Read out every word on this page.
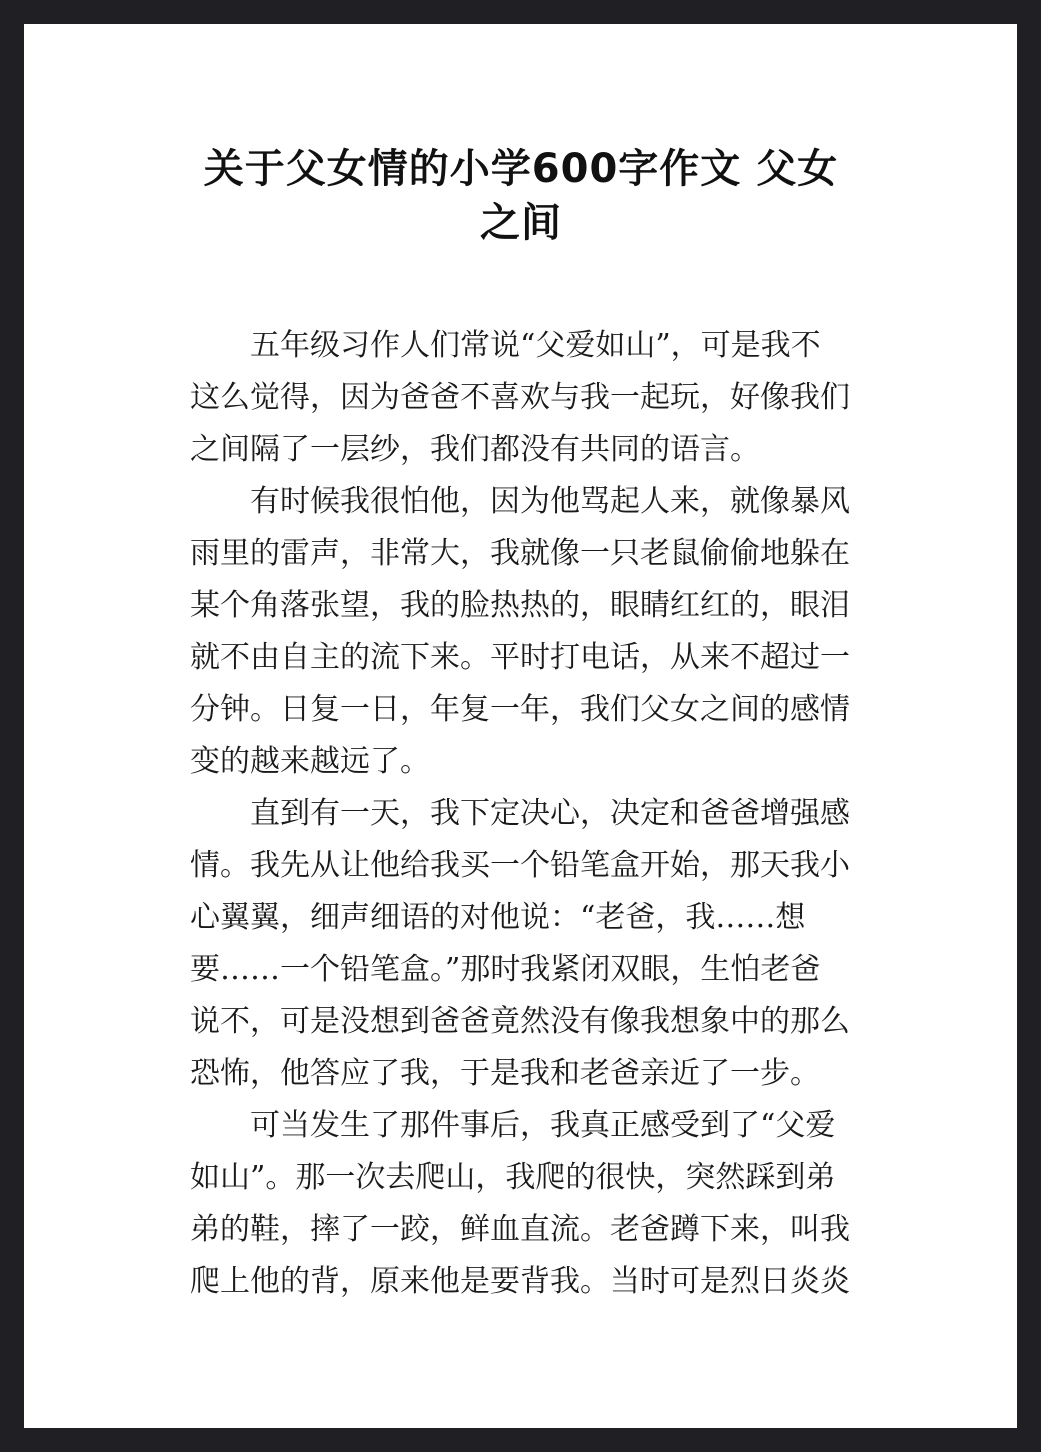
关于父女情的小学600字作文 父女之间
五年级习作人们常说“父爱如山”，可是我不
这么觉得，因为爸爸不喜欢与我一起玩，好像我们
之间隔了一层纱，我们都没有共同的语言。
有时候我很怕他，因为他骂起人来，就像暴风
雨里的雷声，非常大，我就像一只老鼠偷偷地躲在
某个角落张望，我的脸热热的，眼睛红红的，眼泪
就不由自主的流下来。平时打电话，从来不超过一
分钟。日复一日，年复一年，我们父女之间的感情
变的越来越远了。
直到有一天，我下定决心，决定和爸爸增强感
情。我先从让他给我买一个铅笔盒开始，那天我小
心翼翼，细声细语的对他说：“老爸，我……想
要……一个铅笔盒。”那时我紧闭双眼，生怕老爸
说不，可是没想到爸爸竟然没有像我想象中的那么
恐怖，他答应了我，于是我和老爸亲近了一步。
可当发生了那件事后，我真正感受到了“父爱
如山”。那一次去爬山，我爬的很快，突然踩到弟
弟的鞋，摔了一跤，鲜血直流。老爸蹲下来，叫我
爬上他的背，原来他是要背我。当时可是烈日炎炎
